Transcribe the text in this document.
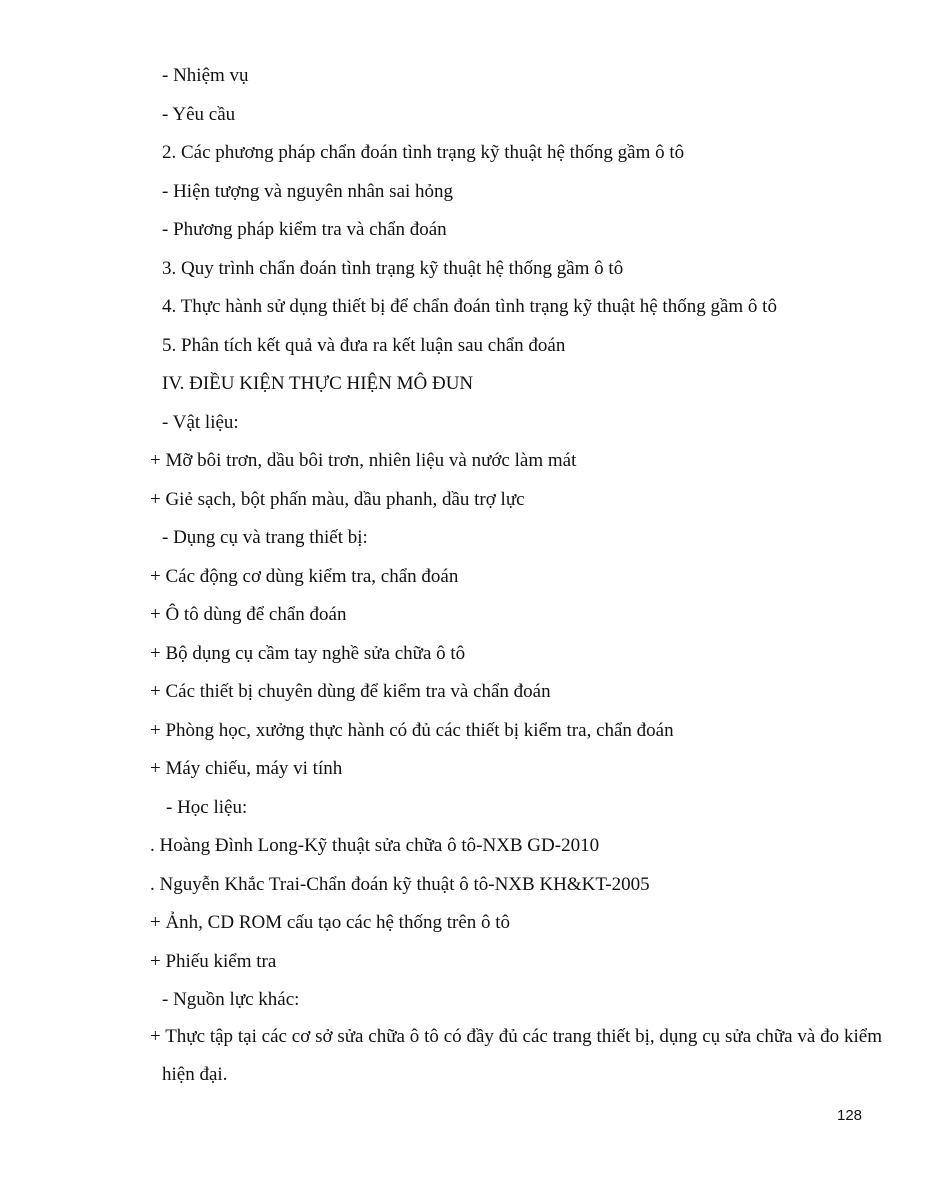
- Nhiệm vụ
- Yêu cầu
2. Các phương pháp chẩn đoán tình trạng kỹ thuật hệ thống gầm ô tô
- Hiện tượng và nguyên nhân sai hỏng
- Phương pháp kiểm tra và chẩn đoán
3. Quy trình chẩn đoán tình trạng kỹ thuật hệ thống gầm ô tô
4. Thực hành sử dụng thiết bị để chẩn đoán tình trạng kỹ thuật hệ thống gầm ô tô
5. Phân tích kết quả và đưa ra kết luận sau chẩn đoán
IV. ĐIỀU KIỆN THỰC HIỆN MÔ ĐUN
- Vật liệu:
+ Mỡ bôi trơn, dầu bôi trơn, nhiên liệu và nước làm mát
+ Giẻ sạch, bột phấn màu, dầu phanh, dầu trợ lực
- Dụng cụ và trang thiết bị:
+ Các động cơ dùng kiểm tra, chẩn đoán
+ Ô tô dùng để chẩn đoán
+ Bộ dụng cụ cầm tay nghề sửa chữa ô tô
+ Các thiết bị chuyên dùng để kiểm tra và chẩn đoán
+ Phòng học, xưởng thực hành có đủ các thiết bị kiểm tra, chẩn đoán
+ Máy chiếu, máy vi tính
- Học liệu:
. Hoàng Đình Long-Kỹ thuật sửa chữa ô tô-NXB GD-2010
. Nguyễn Khắc Trai-Chẩn đoán kỹ thuật ô tô-NXB KH&KT-2005
+ Ảnh, CD ROM cấu tạo các hệ thống trên ô tô
+ Phiếu kiểm tra
- Nguồn lực khác:
+ Thực tập tại các cơ sở sửa chữa ô tô có đầy đủ các trang thiết bị, dụng cụ sửa chữa và đo kiểm hiện đại.
128
